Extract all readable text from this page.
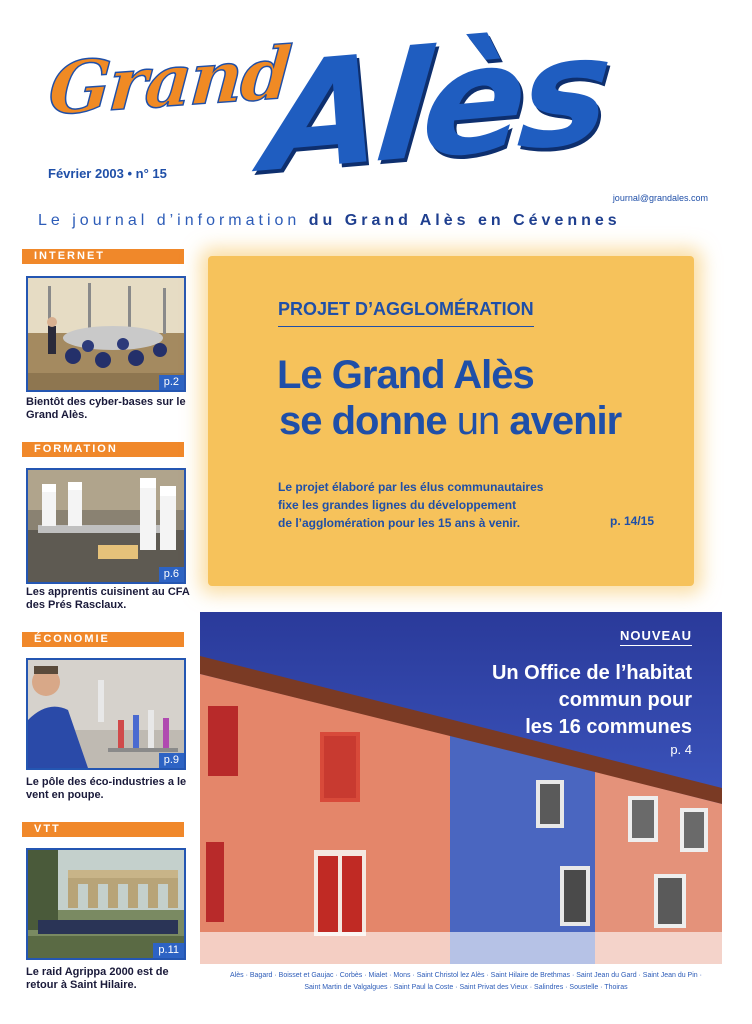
Grand
Alès
Février 2003 • n° 15
journal@grandales.com
Le journal d’information du Grand Alès en Cévennes
INTERNET
p.2
Bientôt des cyber-bases sur le Grand Alès.
FORMATION
p.6
Les apprentis cuisinent au CFA des Prés Rasclaux.
ÉCONOMIE
p.9
Le pôle des éco-industries a le vent en poupe.
VTT
p.11
Le raid Agrippa 2000 est de retour à Saint Hilaire.
PROJET D’AGGLOMÉRATION
Le Grand Alès
se donne un avenir
Le projet élaboré par les élus communautaires
fixe les grandes lignes du développement
de l’agglomération pour les 15 ans à venir.	p. 14/15
NOUVEAU
Un Office de l’habitat
commun pour
les 16 communes
p. 4
Alès · Bagard · Boisset et Gaujac · Corbès · Mialet · Mons · Saint Christol lez Alès · Saint Hilaire de Brethmas · Saint Jean du Gard · Saint Jean du Pin ·
Saint Martin de Valgalgues · Saint Paul la Coste · Saint Privat des Vieux · Salindres · Soustelle · Thoiras
